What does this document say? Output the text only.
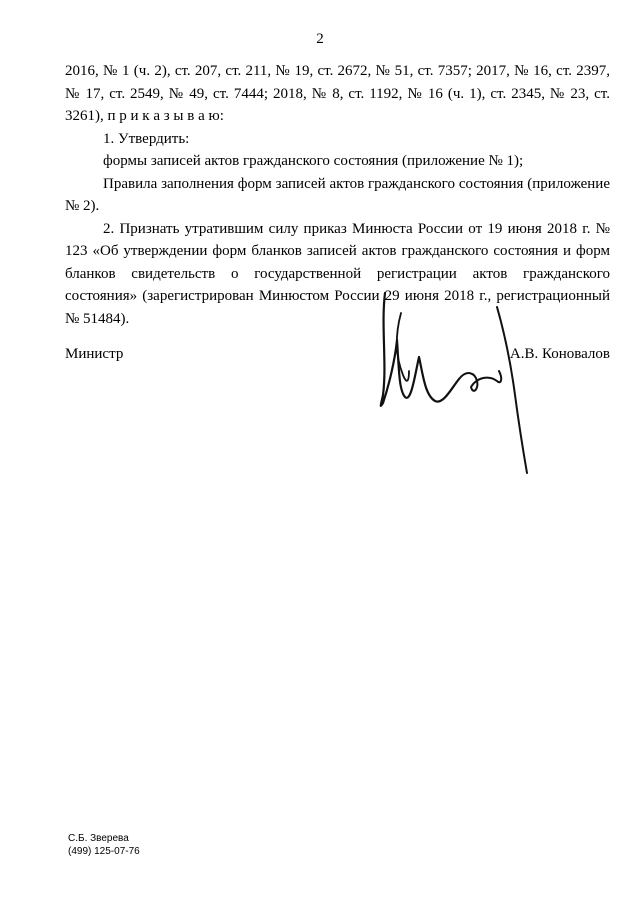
2

2016, № 1 (ч. 2), ст. 207, ст. 211, № 19, ст. 2672, № 51, ст. 7357; 2017, № 16, ст. 2397, № 17, ст. 2549, № 49, ст. 7444; 2018, № 8, ст. 1192, № 16 (ч. 1), ст. 2345, № 23, ст. 3261), п р и к а з ы в а ю:

1. Утвердить:

формы записей актов гражданского состояния (приложение № 1);

Правила заполнения форм записей актов гражданского состояния (приложение № 2).

2. Признать утратившим силу приказ Минюста России от 19 июня 2018 г. № 123 «Об утверждении форм бланков записей актов гражданского состояния и форм бланков свидетельств о государственной регистрации актов гражданского состояния» (зарегистрирован Минюстом России 29 июня 2018 г., регистрационный № 51484).

Министр	А.В. Коновалов
С.Б. Зверева
(499) 125-07-76
